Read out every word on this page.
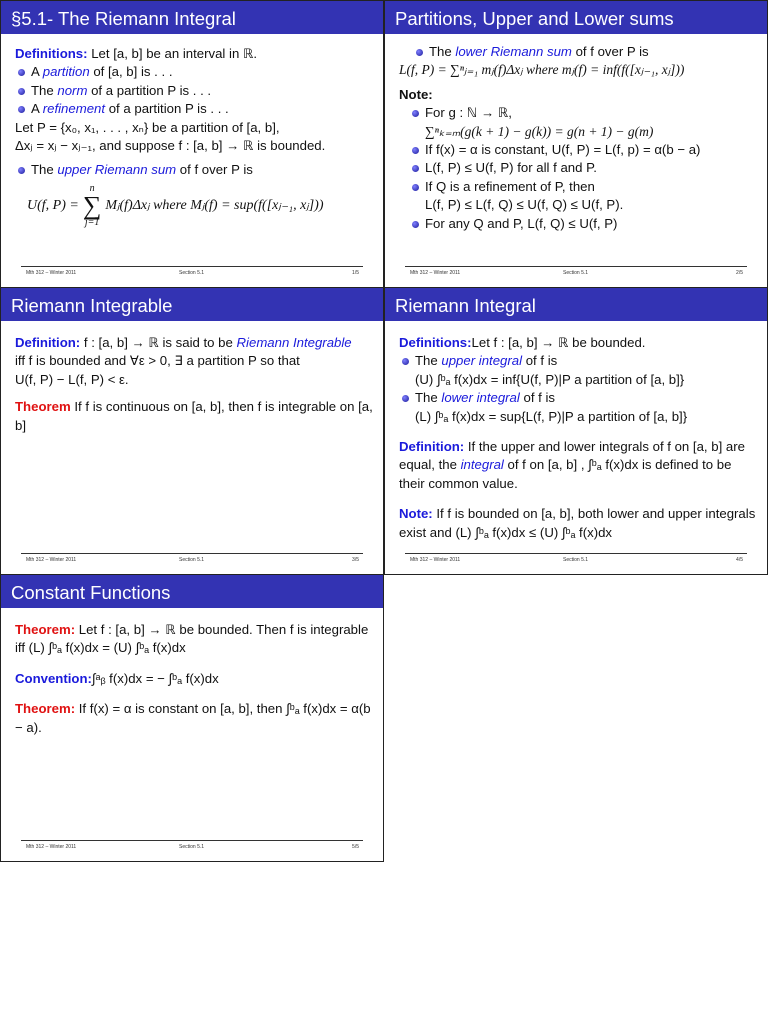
§5.1- The Riemann Integral
Definitions: Let [a, b] be an interval in ℝ.
A partition of [a, b] is . . .
The norm of a partition P is . . .
A refinement of a partition P is . . .
Let P = {x₀, x₁, . . . , xₙ} be a partition of [a, b],
Δxⱼ = xⱼ − xⱼ₋₁, and suppose f : [a, b] → ℝ is bounded.
The upper Riemann sum of f over P is
U(f, P) =
n
∑
j=1
Mⱼ(f)Δxⱼ where Mⱼ(f) = sup(f([xⱼ₋₁, xⱼ]))
Mth 312 – Winter 2011	Section 5.1	1/5
Partitions, Upper and Lower sums
The lower Riemann sum of f over P is
L(f, P) = ∑ⁿⱼ₌₁ mⱼ(f)Δxⱼ where mⱼ(f) = inf(f([xⱼ₋₁, xⱼ]))
Note:
For g : ℕ → ℝ,
∑ⁿₖ₌ₘ(g(k + 1) − g(k)) = g(n + 1) − g(m)
If f(x) = α is constant, U(f, P) = L(f, p) = α(b − a)
L(f, P) ≤ U(f, P) for all f and P.
If Q is a refinement of P, then
L(f, P) ≤ L(f, Q) ≤ U(f, Q) ≤ U(f, P).
For any Q and P, L(f, Q) ≤ U(f, P)
Mth 312 – Winter 2011	Section 5.1	2/5
Riemann Integrable
Definition: f : [a, b] → ℝ is said to be Riemann Integrable
iff f is bounded and ∀ε > 0, ∃ a partition P so that
U(f, P) − L(f, P) < ε.
Theorem If f is continuous on [a, b], then f is integrable on [a, b]
Mth 312 – Winter 2011	Section 5.1	3/5
Riemann Integral
Definitions:Let f : [a, b] → ℝ be bounded.
The upper integral of f is
(U) ∫ᵇₐ f(x)dx = inf{U(f, P)|P a partition of [a, b]}
The lower integral of f is
(L) ∫ᵇₐ f(x)dx = sup{L(f, P)|P a partition of [a, b]}
Definition: If the upper and lower integrals of f on [a, b] are equal, the integral of f on [a, b] , ∫ᵇₐ f(x)dx is defined to be their common value.
Note: If f is bounded on [a, b], both lower and upper integrals exist and (L) ∫ᵇₐ f(x)dx ≤ (U) ∫ᵇₐ f(x)dx
Mth 312 – Winter 2011	Section 5.1	4/5
Constant Functions
Theorem: Let f : [a, b] → ℝ be bounded. Then f is integrable iff (L) ∫ᵇₐ f(x)dx = (U) ∫ᵇₐ f(x)dx
Convention:∫ᵃᵦ f(x)dx = − ∫ᵇₐ f(x)dx
Theorem: If f(x) = α is constant on [a, b], then ∫ᵇₐ f(x)dx = α(b − a).
Mth 312 – Winter 2011	Section 5.1	5/5
